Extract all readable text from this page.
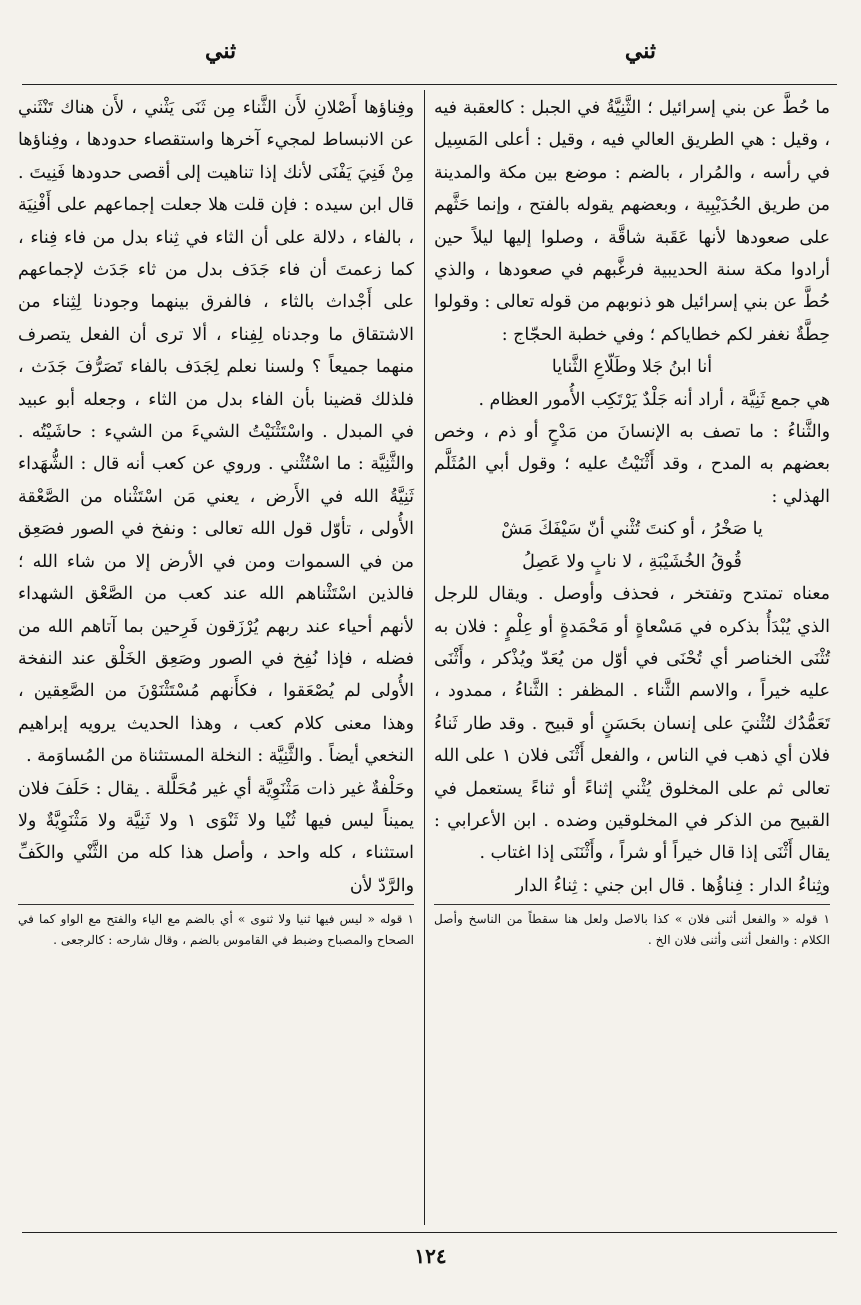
ثني
ثني

ما حُطَّ عن بني إسرائيل ؛ الثَّنِيَّةُ في الجبل : كالعقبة فيه ، وقيل : هي الطريق العالي فيه ، وقيل : أعلى المَسِيل في رأسه ، والمُرار ، بالضم : موضع بين مكة والمدينة من طريق الحُدَيْبِية ، وبعضهم يقوله بالفتح ، وإنما حَثَّهم على صعودها لأنها عَقَبة شاقَّة ، وصلوا إليها ليلاً حين أرادوا مكة سنة الحديبية فرغَّبهم في صعودها ، والذي حُطَّ عن بني إسرائيل هو ذنوبهم من قوله تعالى : وقولوا حِطَّةٌ نغفر لكم خطاياكم ؛ وفي خطبة الحجّاج :

أنا ابنُ جَلا وطَلّاعِ الثَّنايا

هي جمع ثَنِيَّة ، أراد أنه جَلْدٌ يَرْتَكِب الأُمور العظام .

والثَّناءُ : ما تصف به الإنسانَ من مَدْحٍ أو ذم ، وخص بعضهم به المدح ، وقد أَثْنَيْتُ عليه ؛ وقول أبي المُثَلَّم الهذلي :

يا صَخْرُ ، أو كنتَ تُثْني أنّ سَيْفَكَ مَشْ

قُوقُ الخُشَيْبَةِ ، لا نابٍ ولا عَصِلُ

معناه تمتدح وتفتخر ، فحذف وأوصل . ويقال للرجل الذي يُبْدَأُ بذكره في مَسْعاةٍ أو مَحْمَدةٍ أو عِلْمٍ : فلان به تُثْنَى الخناصر أي تُحْنَى في أوّل من يُعَدّ ويُذْكر ، وأَثْنَى عليه خيراً ، والاسم الثَّناء . المظفر : الثَّناءُ ، ممدود ، تَعَمُّدُك لتُثْنيَ على إنسان بحَسَنٍ أو قبيح . وقد طار ثَناءُ فلان أي ذهب في الناس ، والفعل أَثْنَى فلان ١ على الله تعالى ثم على المخلوق يُثْني إثناءً أو ثناءً يستعمل في القبيح من الذكر في المخلوقين وضده . ابن الأعرابي : يقال أَثْنَى إذا قال خيراً أو شراً ، وأَثْنَنَى إذا اغتاب .

وثِناءُ الدار : فِناؤُها . قال ابن جني : ثِناءُ الدار

١ قوله « والفعل أثنى فلان » كذا بالاصل ولعل هنا سقطاً من الناسخ وأصل الكلام : والفعل أثنى وأثنى فلان الخ .

وفِناؤها أَصْلانِ لأَن الثَّناء مِن ثَنَى يَثْني ، لأَن هناك تَنْثَني عن الانبساط لمجيء آخرها واستقصاء حدودها ، وفِناؤها مِنْ فَنِيَ يَفْنَى لأنك إذا تناهيت إلى أقصى حدودها فَنِيتَ . قال ابن سيده : فإن قلت هلا جعلت إجماعهم على أَفْنِيَة ، بالفاء ، دلالة على أن الثاء في ثِناء بدل من فاء فِناء ، كما زعمتَ أن فاء جَدَف بدل من ثاء جَدَث لإجماعهم على أَجْداث بالثاء ، فالفرق بينهما وجودنا لِثِناء من الاشتقاق ما وجدناه لِفِناء ، ألا ترى أن الفعل يتصرف منهما جميعاً ؟ ولسنا نعلم لِجَدَف بالفاء تَصَرُّفَ جَدَث ، فلذلك قضينا بأن الفاء بدل من الثاء ، وجعله أبو عبيد في المبدل . واسْتَثْنَيْتُ الشيءَ من الشيء : حاشَيْتُه . والثَّنِيَّة : ما اسْتُثْني . وروي عن كعب أنه قال : الشُّهَداء ثَنِيَّةُ الله في الأَرض ، يعني مَن اسْتَثْناه من الصَّعْقة الأُولى ، تأوّل قول الله تعالى : ونفخ في الصور فصَعِق من في السموات ومن في الأرض إلا من شاء الله ؛ فالذين اسْتَثْناهم الله عند كعب من الصَّعْق الشهداء لأنهم أحياء عند ربهم يُرْزَقون فَرِحين بما آتاهم الله من فضله ، فإذا نُفِخ في الصور وصَعِق الخَلْق عند النفخة الأُولى لم يُصْعَقوا ، فكأَنهم مُسْتَثْنَوْنَ من الصَّعِقين ، وهذا معنى كلام كعب ، وهذا الحديث يرويه إبراهيم النخعي أيضاً . والثَّنِيَّة : النخلة المستثناة من المُساوَمة .

وحَلْفةٌ غير ذات مَثْنَوِيَّة أي غير مُحَلَّلة . يقال : حَلَفَ فلان يميناً ليس فيها ثُنْيا ولا ثَنْوَى ١ ولا ثَنِيَّة ولا مَثْنَوِيَّةٌ ولا استثناء ، كله واحد ، وأصل هذا كله من الثَّنْي والكَفِّ والرَّدّ لأن

١ قوله « ليس فيها ثنيا ولا ثنوى » أي بالضم مع الياء والفتح مع الواو كما في الصحاح والمصباح وضبط في القاموس بالضم ، وقال شارحه : كالرجعى .

١٢٤
